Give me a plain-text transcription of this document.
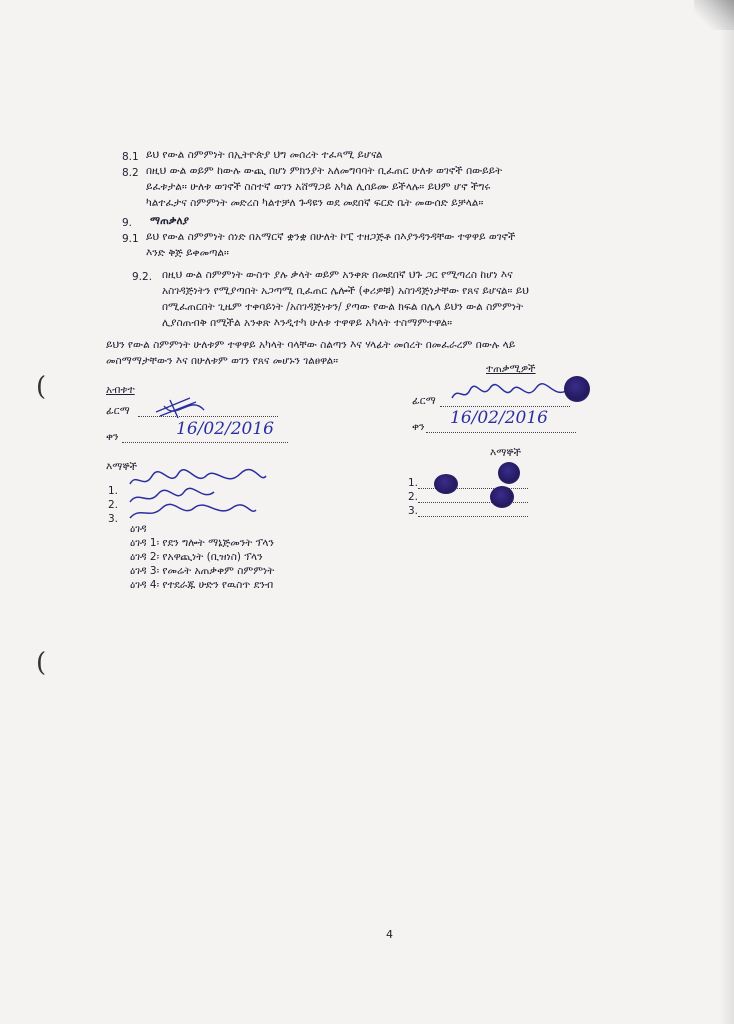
(
(
8.1 ይህ የውል ስምምነት በኢትዮጵያ ህግ መሰረት ተፈጻሚ ይሆናል
8.2 በዚህ ውል ወይም ከውሉ ውጪ በሆነ ምክንያት አለመግባባት ቢፈጠር ሁለቱ ወገኖች በውይይት
ይፈቱታል። ሁለቱ ወገኖች ስስተኛ ወገን አሸማጋይ አካል ሊሰይሙ ይችላሉ። ይህም ሆኖ ችግሩ
ካልተፈታና ስምምነት መድረስ ካልተቻለ ጉዳዩን ወደ መደበኛ ፍርድ ቤት መውሰድ ይቻላል።
9. ማጠቃለያ
9.1 ይህ የውል ስምምነት ሰነድ በአማርኛ ቋንቋ በሁለት ኮፒ ተዘጋጅቶ በእያንዳንዳቸው ተዋዋይ ወገኖች
እንድ ቅጅ ይቀመጣል።
9.2. በዚህ ውል ስምምነት ውስጥ ያሉ ቃላት ወይም አንቀጽ በመደበኛ ህጉ ጋር የሚጣረስ ከሆነ እና
አስገዳጅነትን የሚያጣበት አጋጣሚ ቢፈጠር ሌሎች (ቀሪዎቹ) አስገዳጅነታቸው የጸና ይሆናል። ይህ
በሚፈጠርበት ጊዜም ተቀባይነት /አስገዳጅነቱን/ ያጣው የውል ክፍል በሌላ ይህን ውል ስምምነት
ሊያስጠብቅ በሚችል አንቀጽ እንዲተካ ሁለቱ ተዋዋይ አካላት ተስማምተዋል።
ይህን የውል ስምምነት ሁለቱም ተዋዋይ አካላት ባላቸው ስልጣን እና ሃላፊት መሰረት በመፈራረም በውሉ ላይ
መስማማታቸውን እና በሁለቱም ወገን የጸና መሆኑን ገልፀዋል።
አብቱተ
ፊርማ
ቀን	16/02/2016
እማኞች
1.
2.
3.
ዕገዳ
ዕገዳ 1፡ የደን ግሎት ማኔጅመንት ፕላን
ዕገዳ 2፡ የአዋጪነት (ቢዝነስ) ፕላን
ዕገዳ 3፡ የመሬት አጠቃቀም ስምምነት
ዕገዳ 4፡ የተደራጁ ሁድን የዉስጥ ደንብ
ተጠቃሚዎች
ፊርማ
ቀን 16/02/2016
እማኞች
1.
2.
3.
4
